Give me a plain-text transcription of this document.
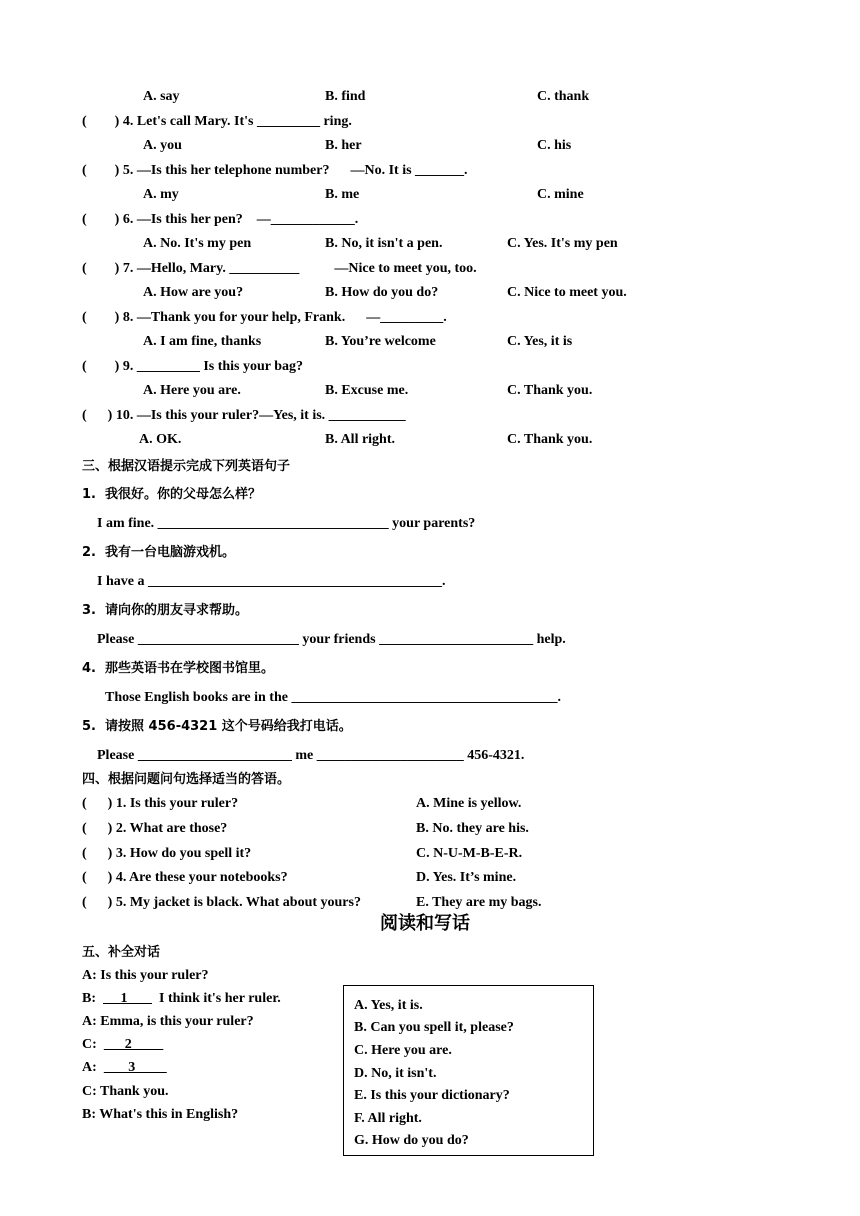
A. say	B. find	C. thank
(        ) 4. Let's call Mary. It's _________ ring.
A. you	B. her	C. his
(        ) 5. —Is this her telephone number?      —No. It is _______.
A. my	B. me	C. mine
(        ) 6. —Is this her pen?    —____________.
A. No. It's my pen	B. No, it isn't a pen.	C. Yes. It's my pen
(        ) 7. —Hello, Mary. __________          —Nice to meet you, too.
A. How are you?	B. How do you do?	C. Nice to meet you.
(        ) 8. —Thank you for your help, Frank.      —_________.
A. I am fine, thanks	B. You’re welcome	C. Yes, it is
(        ) 9. _________ Is this your bag?
A. Here you are.	B. Excuse me.	C. Thank you.
(      ) 10. —Is this your ruler?—Yes, it is. ___________
A. OK.	B. All right.	C. Thank you.
三、根据汉语提示完成下列英语句子
1.  我很好。你的父母怎么样？
I am fine. _________________________________ your parents?
2.  我有一台电脑游戏机。
I have a __________________________________________.
3.  请向你的朋友寻求帮助。
Please _______________________ your friends ______________________ help.
4.  那些英语书在学校图书馆里。
Those English books are in the ______________________________________.
5.  请按照 456-4321 这个号码给我打电话。
Please ______________________ me _____________________ 456-4321.
四、根据问题问句选择适当的答语。
(      ) 1. Is this your ruler?	A. Mine is yellow.
(      ) 2. What are those?	B. No. they are his.
(      ) 3. How do you spell it?	C. N-U-M-B-E-R.
(      ) 4. Are these your notebooks?	D. Yes. It’s mine.
(      ) 5. My jacket is black. What about yours?	E. They are my bags.
阅读和写话
五、补全对话
A: Is this your ruler?
B:       1         I think it's her ruler.
A: Emma, is this your ruler?
C:        2
A:         3
C: Thank you.
B: What's this in English?
A. Yes, it is.
B. Can you spell it, please?
C. Here you are.
D. No, it isn't.
E. Is this your dictionary?
F. All right.
G. How do you do?
